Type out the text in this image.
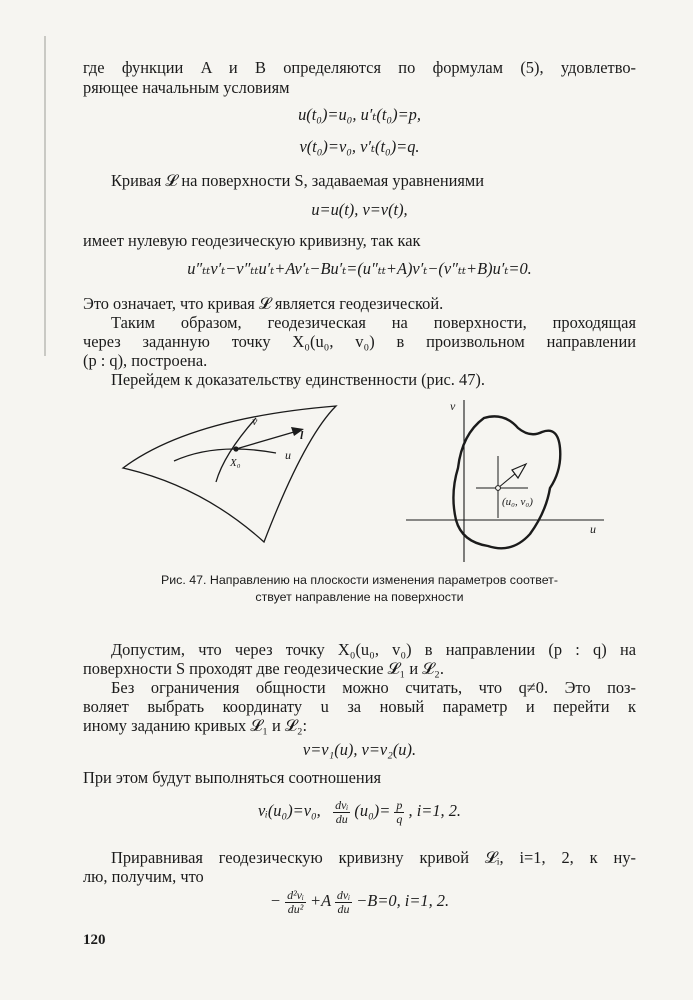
где функции A и B определяются по формулам (5), удовлетво-
ряющее начальным условиям
u(t₀)=u₀, u′ₜ(t₀)=p,
v(t₀)=v₀, v′ₜ(t₀)=q.
Кривая 𝓛 на поверхности S, задаваемая уравнениями
u=u(t), v=v(t),
имеет нулевую геодезическую кривизну, так как
u″ₜₜv′ₜ−v″ₜₜu′ₜ+Av′ₜ−Bu′ₜ=(u″ₜₜ+A)v′ₜ−(v″ₜₜ+B)u′ₜ=0.
Это означает, что кривая 𝓛 является геодезической.
Таким образом, геодезическая на поверхности, проходящая
через заданную точку X₀(u₀, v₀) в произвольном направлении
(p : q), построена.
Перейдем к доказательству единственности (рис. 47).
v
l
u
X₀
v
u
(u₀, v₀)
Рис. 47. Направлению на плоскости изменения параметров соответ-
ствует направление на поверхности
Допустим, что через точку X₀(u₀, v₀) в направлении (p : q) на
поверхности S проходят две геодезические 𝓛₁ и 𝓛₂.
Без ограничения общности можно считать, что q≠0. Это поз-
воляет выбрать координату u за новый параметр и перейти к
иному заданию кривых 𝓛₁ и 𝓛₂:
v=v₁(u), v=v₂(u).
При этом будут выполняться соотношения
vᵢ(u₀)=v₀, $\frac{\text{dvᵢ}}{du} (u_0)= \frac{p}{q}$ , i=1, 2.
Приравнивая геодезическую кривизну кривой 𝓛ᵢ, i=1, 2, к ну-
лю, получим, что
− $\frac{\text{d²vᵢ}}{\text{du²}} +A \frac{\text{dvᵢ}}{du} -B=0$, i=1, 2.
120
